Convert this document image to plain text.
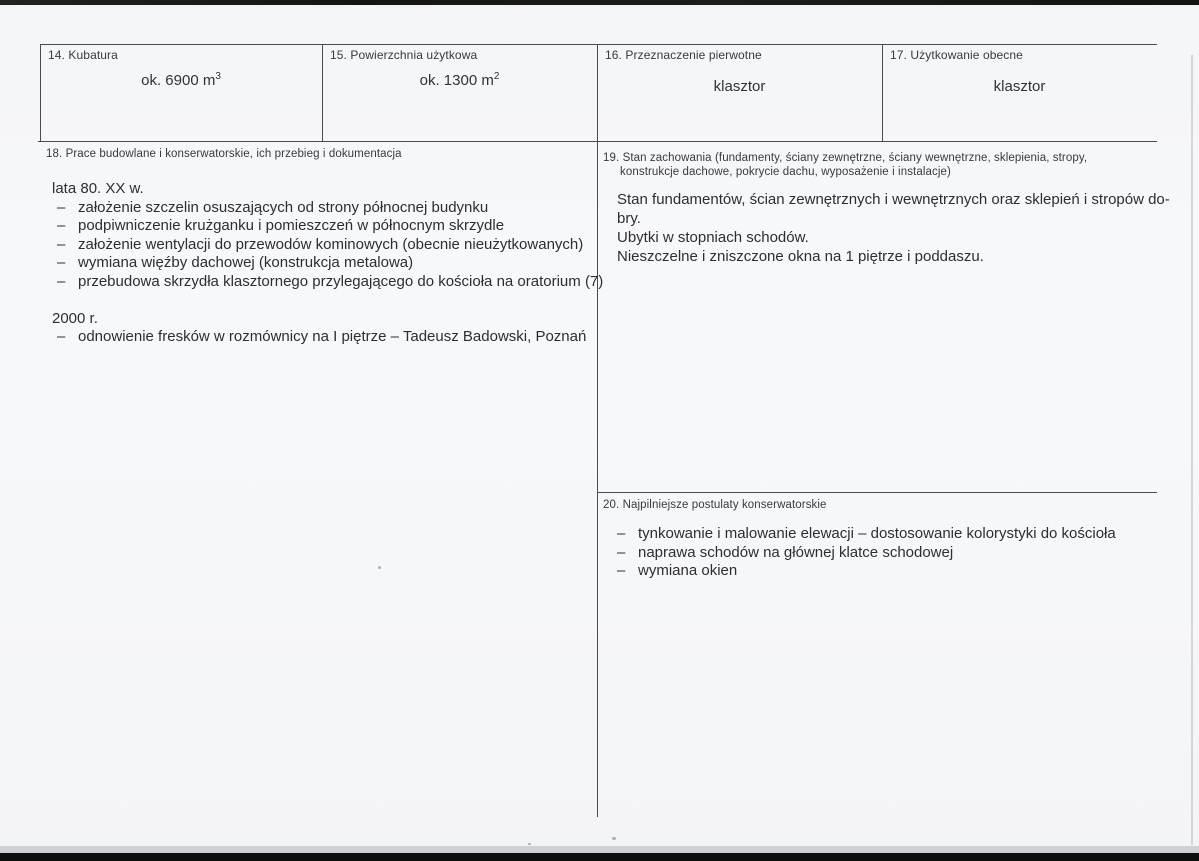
14. Kubatura
ok. 6900 $m^3$
15. Powierzchnia użytkowa
ok. 1300 $m^2$
16. Przeznaczenie pierwotne
klasztor
17. Użytkowanie obecne
klasztor
18. Prace budowlane i konserwatorskie, ich przebieg i dokumentacja
lata 80. XX w.
– założenie szczelin osuszających od strony północnej budynku
– podpiwniczenie krużganku i pomieszczeń w północnym skrzydle
– założenie wentylacji do przewodów kominowych (obecnie nieużytkowanych)
– wymiana więźby dachowej (konstrukcja metalowa)
– przebudowa skrzydła klasztornego przylegającego do kościoła na oratorium (7)
2000 r.
– odnowienie fresków w rozmównicy na I piętrze – Tadeusz Badowski, Poznań
19. Stan zachowania (fundamenty, ściany zewnętrzne, ściany wewnętrzne, sklepienia, stropy,
konstrukcje dachowe, pokrycie dachu, wyposażenie i instalacje)
Stan fundamentów, ścian zewnętrznych i wewnętrznych oraz sklepień i stropów do-
bry.
Ubytki w stopniach schodów.
Nieszczelne i zniszczone okna na 1 piętrze i poddaszu.
20. Najpilniejsze postulaty konserwatorskie
– tynkowanie i malowanie elewacji – dostosowanie kolorystyki do kościoła
– naprawa schodów na głównej klatce schodowej
– wymiana okien
